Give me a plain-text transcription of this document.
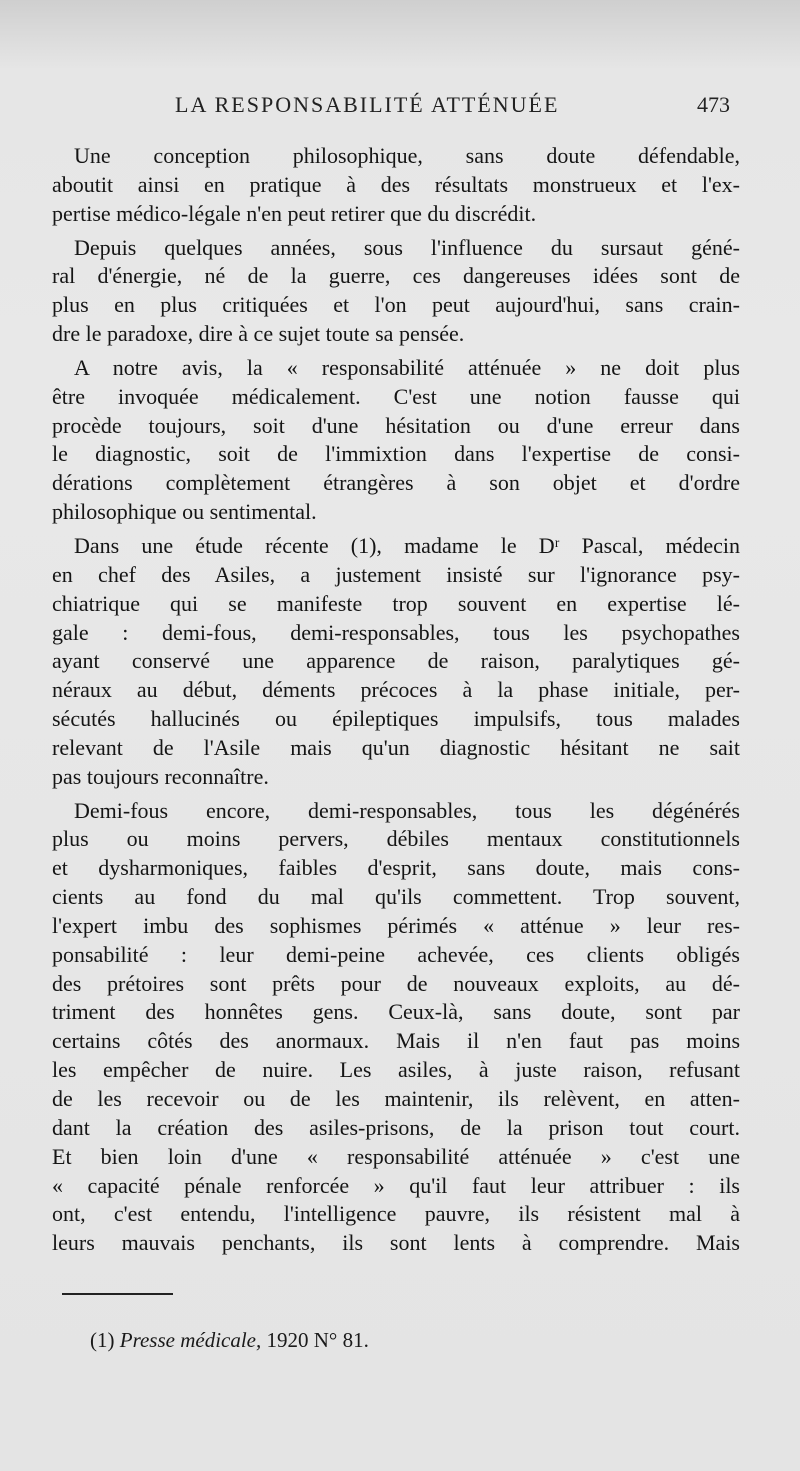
LA RESPONSABILITÉ ATTÉNUÉE	473
Une conception philosophique, sans doute défendable,
aboutit ainsi en pratique à des résultats monstrueux et l'ex-
pertise médico-légale n'en peut retirer que du discrédit.
Depuis quelques années, sous l'influence du sursaut géné-
ral d'énergie, né de la guerre, ces dangereuses idées sont de
plus en plus critiquées et l'on peut aujourd'hui, sans crain-
dre le paradoxe, dire à ce sujet toute sa pensée.
A notre avis, la « responsabilité atténuée » ne doit plus
être invoquée médicalement. C'est une notion fausse qui
procède toujours, soit d'une hésitation ou d'une erreur dans
le diagnostic, soit de l'immixtion dans l'expertise de consi-
dérations complètement étrangères à son objet et d'ordre
philosophique ou sentimental.
Dans une étude récente (1), madame le Dʳ Pascal, médecin
en chef des Asiles, a justement insisté sur l'ignorance psy-
chiatrique qui se manifeste trop souvent en expertise lé-
gale : demi-fous, demi-responsables, tous les psychopathes
ayant conservé une apparence de raison, paralytiques gé-
néraux au début, déments précoces à la phase initiale, per-
sécutés hallucinés ou épileptiques impulsifs, tous malades
relevant de l'Asile mais qu'un diagnostic hésitant ne sait
pas toujours reconnaître.
Demi-fous encore, demi-responsables, tous les dégénérés
plus ou moins pervers, débiles mentaux constitutionnels
et dysharmoniques, faibles d'esprit, sans doute, mais cons-
cients au fond du mal qu'ils commettent. Trop souvent,
l'expert imbu des sophismes périmés « atténue » leur res-
ponsabilité : leur demi-peine achevée, ces clients obligés
des prétoires sont prêts pour de nouveaux exploits, au dé-
triment des honnêtes gens. Ceux-là, sans doute, sont par
certains côtés des anormaux. Mais il n'en faut pas moins
les empêcher de nuire. Les asiles, à juste raison, refusant
de les recevoir ou de les maintenir, ils relèvent, en atten-
dant la création des asiles-prisons, de la prison tout court.
Et bien loin d'une « responsabilité atténuée » c'est une
« capacité pénale renforcée » qu'il faut leur attribuer : ils
ont, c'est entendu, l'intelligence pauvre, ils résistent mal à
leurs mauvais penchants, ils sont lents à comprendre. Mais
(1) Presse médicale, 1920 N° 81.
